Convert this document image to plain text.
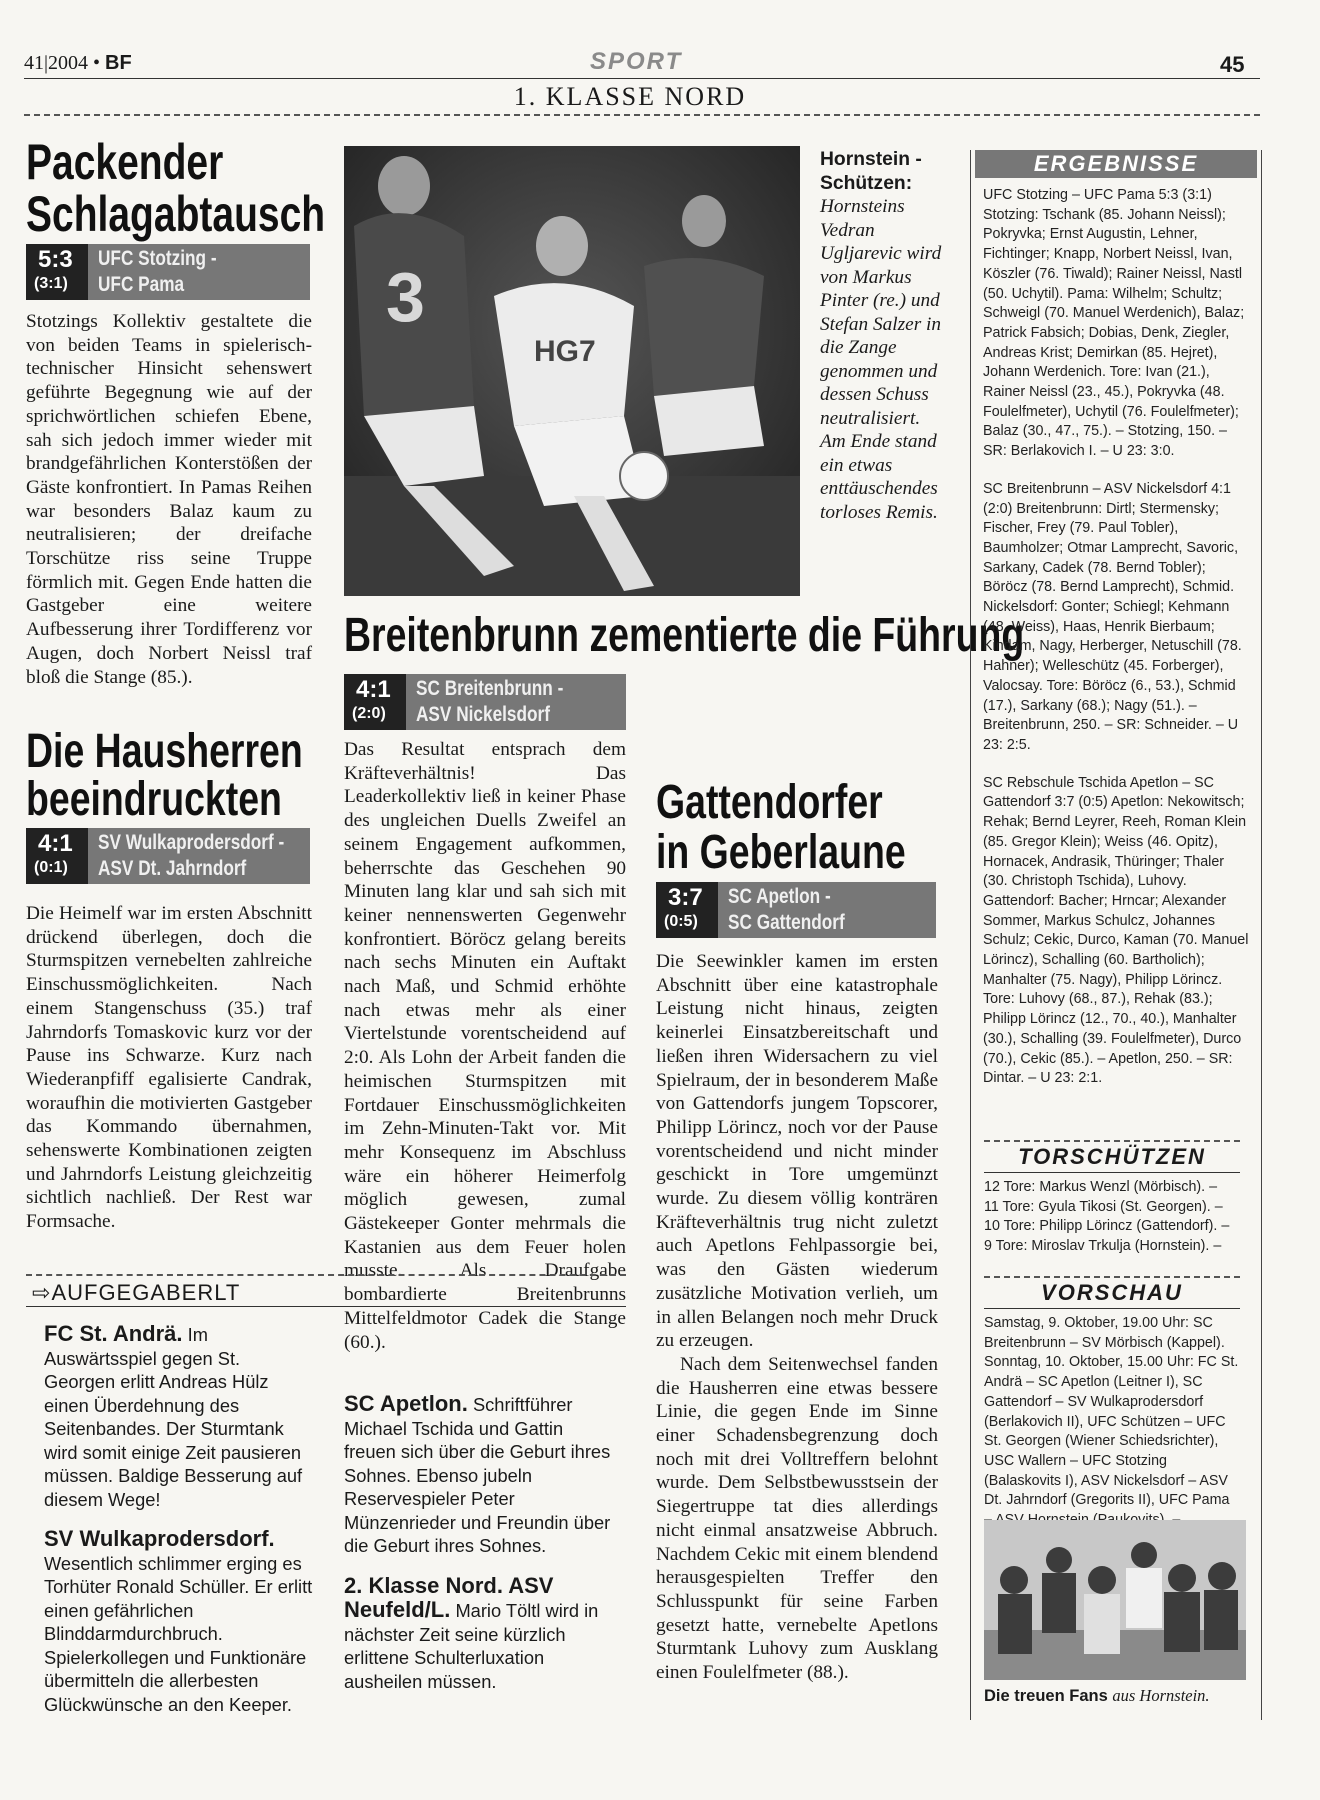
41|2004 • BF	SPORT	45
1. KLASSE NORD
Packender
Schlagabtausch
5:3
(3:1)
UFC Stotzing -
UFC Pama

Stotzings Kollektiv gestaltete die von beiden Teams in spielerisch-technischer Hinsicht sehenswert geführte Begegnung wie auf der sprichwörtlichen schiefen Ebene, sah sich jedoch immer wieder mit brandgefährlichen Konterstößen der Gäste konfrontiert. In Pamas Reihen war besonders Balaz kaum zu neutralisieren; der dreifache Torschütze riss seine Truppe förmlich mit. Gegen Ende hatten die Gastgeber eine weitere Aufbesserung ihrer Tordifferenz vor Augen, doch Norbert Neissl traf bloß die Stange (85.).

Die Hausherren
beeindruckten
4:1
(0:1)
SV Wulkaprodersdorf -
ASV Dt. Jahrndorf

Die Heimelf war im ersten Abschnitt drückend überlegen, doch die Sturmspitzen vernebelten zahlreiche Einschussmöglichkeiten. Nach einem Stangenschuss (35.) traf Jahrndorfs Tomaskovic kurz vor der Pause ins Schwarze. Kurz nach Wiederanpfiff egalisierte Candrak, woraufhin die motivierten Gastgeber das Kommando übernahmen, sehenswerte Kombinationen zeigten und Jahrndorfs Leistung gleichzeitig sichtlich nachließ. Der Rest war Formsache.

3
HG7
Hornstein - Schützen:
Hornsteins Vedran Ugljarevic wird von Markus Pinter (re.) und Stefan Salzer in die Zange genommen und dessen Schuss neutralisiert. Am Ende stand ein etwas enttäuschendes torloses Remis.
Breitenbrunn zementierte die Führung
4:1
(2:0)
SC Breitenbrunn -
ASV Nickelsdorf

Das Resultat entsprach dem Kräfteverhältnis! Das Leaderkollektiv ließ in keiner Phase des ungleichen Duells Zweifel an seinem Engagement aufkommen, beherrschte das Geschehen 90 Minuten lang klar und sah sich mit keiner nennenswerten Gegenwehr konfrontiert. Böröcz gelang bereits nach sechs Minuten ein Auftakt nach Maß, und Schmid erhöhte nach etwas mehr als einer Viertelstunde vorentscheidend auf 2:0. Als Lohn der Arbeit fanden die heimischen Sturmspitzen mit Fortdauer Einschussmöglichkeiten im Zehn-Minuten-Takt vor. Mit mehr Konsequenz im Abschluss wäre ein höherer Heimerfolg möglich gewesen, zumal Gästekeeper Gonter mehrmals die Kastanien aus dem Feuer holen musste. Als Draufgabe bombardierte Breitenbrunns Mittelfeldmotor Cadek die Stange (60.).

Gattendorfer
in Geberlaune
3:7
(0:5)
SC Apetlon -
SC Gattendorf

Die Seewinkler kamen im ersten Abschnitt über eine katastrophale Leistung nicht hinaus, zeigten keinerlei Einsatzbereitschaft und ließen ihren Widersachern zu viel Spielraum, der in besonderem Maße von Gattendorfs jungem Topscorer, Philipp Lörincz, noch vor der Pause vorentscheidend und nicht minder geschickt in Tore umgemünzt wurde. Zu diesem völlig konträren Kräfteverhältnis trug nicht zuletzt auch Apetlons Fehlpassorgie bei, was den Gästen wiederum zusätzliche Motivation verlieh, um in allen Belangen noch mehr Druck zu erzeugen.

Nach dem Seitenwechsel fanden die Hausherren eine etwas bessere Linie, die gegen Ende im Sinne einer Schadensbegrenzung doch noch mit drei Volltreffern belohnt wurde. Dem Selbstbewusstsein der Siegertruppe tat dies allerdings nicht einmal ansatzweise Abbruch. Nachdem Cekic mit einem blendend herausgespielten Treffer den Schlusspunkt für seine Farben gesetzt hatte, vernebelte Apetlons Sturmtank Luhovy zum Ausklang einen Foulelfmeter (88.).

⇨AUFGEGABERLT

FC St. Andrä. Im Auswärtsspiel gegen St. Georgen erlitt Andreas Hülz einen Überdehnung des Seitenbandes. Der Sturmtank wird somit einige Zeit pausieren müssen. Baldige Besserung auf diesem Wege!

SV Wulkaprodersdorf. Wesentlich schlimmer erging es Torhüter Ronald Schüller. Er erlitt einen gefährlichen Blinddarmdurchbruch. Spielerkollegen und Funktionäre übermitteln die allerbesten Glückwünsche an den Keeper.

SC Apetlon. Schriftführer Michael Tschida und Gattin freuen sich über die Geburt ihres Sohnes. Ebenso jubeln Reservespieler Peter Münzenrieder und Freundin über die Geburt ihres Sohnes.

2. Klasse Nord. ASV Neufeld/L. Mario Töltl wird in nächster Zeit seine kürzlich erlittene Schulterluxation ausheilen müssen.

ERGEBNISSE

UFC Stotzing – UFC Pama 5:3 (3:1) Stotzing: Tschank (85. Johann Neissl); Pokryvka; Ernst Augustin, Lehner, Fichtinger; Knapp, Norbert Neissl, Ivan, Köszler (76. Tiwald); Rainer Neissl, Nastl (50. Uchytil). Pama: Wilhelm; Schultz; Schweigl (70. Manuel Werdenich), Balaz; Patrick Fabsich; Dobias, Denk, Ziegler, Andreas Krist; Demirkan (85. Hejret), Johann Werdenich. Tore: Ivan (21.), Rainer Neissl (23., 45.), Pokryvka (48. Foulelfmeter), Uchytil (76. Foulelfmeter); Balaz (30., 47., 75.). – Stotzing, 150. – SR: Berlakovich I. – U 23: 3:0.

SC Breitenbrunn – ASV Nickelsdorf 4:1 (2:0) Breitenbrunn: Dirtl; Stermensky; Fischer, Frey (79. Paul Tobler), Baumholzer; Otmar Lamprecht, Savoric, Sarkany, Cadek (78. Bernd Tobler); Böröcz (78. Bernd Lamprecht), Schmid. Nickelsdorf: Gonter; Schiegl; Kehmann (48. Weiss), Haas, Henrik Bierbaum; Kindam, Nagy, Herberger, Netuschill (78. Hahner); Welleschütz (45. Forberger), Valocsay. Tore: Böröcz (6., 53.), Schmid (17.), Sarkany (68.); Nagy (51.). – Breitenbrunn, 250. – SR: Schneider. – U 23: 2:5.

SC Rebschule Tschida Apetlon – SC Gattendorf 3:7 (0:5) Apetlon: Nekowitsch; Rehak; Bernd Leyrer, Reeh, Roman Klein (85. Gregor Klein); Weiss (46. Opitz), Hornacek, Andrasik, Thüringer; Thaler (30. Christoph Tschida), Luhovy. Gattendorf: Bacher; Hrncar; Alexander Sommer, Markus Schulcz, Johannes Schulz; Cekic, Durco, Kaman (70. Manuel Lörincz), Schalling (60. Bartholich); Manhalter (75. Nagy), Philipp Lörincz. Tore: Luhovy (68., 87.), Rehak (83.); Philipp Lörincz (12., 70., 40.), Manhalter (30.), Schalling (39. Foulelfmeter), Durco (70.), Cekic (85.). – Apetlon, 250. – SR: Dintar. – U 23: 2:1.

TORSCHÜTZEN
12 Tore: Markus Wenzl (Mörbisch). –
11 Tore: Gyula Tikosi (St. Georgen). –
10 Tore: Philipp Lörincz (Gattendorf). –
9 Tore: Miroslav Trkulja (Hornstein). –
VORSCHAU
Samstag, 9. Oktober, 19.00 Uhr: SC Breitenbrunn – SV Mörbisch (Kappel).
Sonntag, 10. Oktober, 15.00 Uhr: FC St. Andrä – SC Apetlon (Leitner I), SC Gattendorf – SV Wulkaprodersdorf (Berlakovich II), UFC Schützen – UFC St. Georgen (Wiener Schiedsrichter), USC Wallern – UFC Stotzing (Balaskovits I), ASV Nickelsdorf – ASV Dt. Jahrndorf (Gregorits II), UFC Pama
Die treuen Fans aus Hornstein.
